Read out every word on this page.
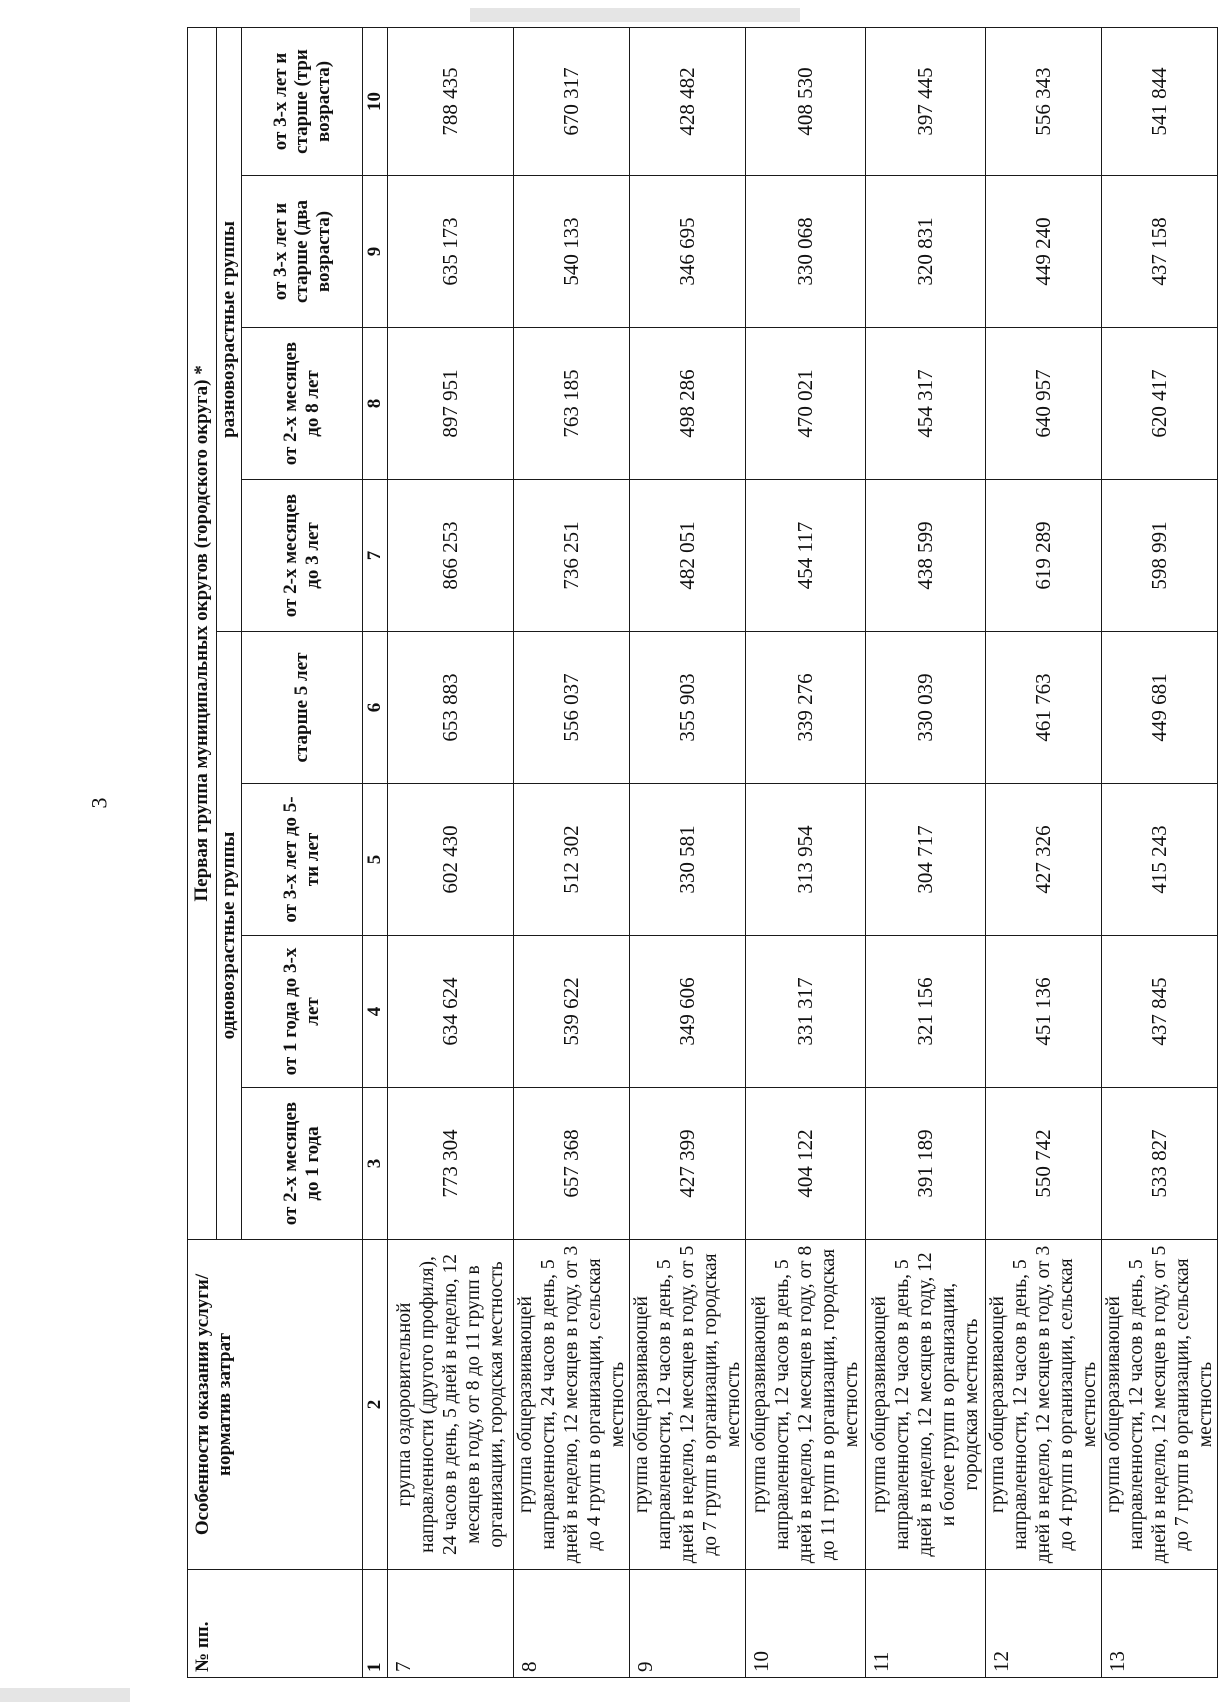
3
№ пп.	Особенности оказания услуги/норматив затрат	Первая группа муниципальных округов (городского округа) *							
		одновозрастные группы				разновозрастные группы			
		от 2-х месяцев до 1 года	от 1 года до 3-х лет	от 3-х лет до 5-ти лет	старше 5 лет	от 2-х месяцев до 3 лет	от 2-х месяцев до 8 лет	от 3-х лет и старше (два возраста)	от 3-х лет и старше (три возраста)
1	2	3	4	5	6	7	8	9	10
7	группа оздоровительной направленности (другого профиля), 24 часов в день, 5 дней в неделю, 12 месяцев в году, от 8 до 11 групп в организации, городская местность	773 304	634 624	602 430	653 883	866 253	897 951	635 173	788 435
8	группа общеразвивающей направленности, 24 часов в день, 5 дней в неделю, 12 месяцев в году, от 3 до 4 групп в организации, сельская местность	657 368	539 622	512 302	556 037	736 251	763 185	540 133	670 317
9	группа общеразвивающей направленности, 12 часов в день, 5 дней в неделю, 12 месяцев в году, от 5 до 7 групп в организации, городская местность	427 399	349 606	330 581	355 903	482 051	498 286	346 695	428 482
10	группа общеразвивающей направленности, 12 часов в день, 5 дней в неделю, 12 месяцев в году, от 8 до 11 групп в организации, городская местность	404 122	331 317	313 954	339 276	454 117	470 021	330 068	408 530
11	группа общеразвивающей направленности, 12 часов в день, 5 дней в неделю, 12 месяцев в году, 12 и более групп в организации, городская местность	391 189	321 156	304 717	330 039	438 599	454 317	320 831	397 445
12	группа общеразвивающей направленности, 12 часов в день, 5 дней в неделю, 12 месяцев в году, от 3 до 4 групп в организации, сельская местность	550 742	451 136	427 326	461 763	619 289	640 957	449 240	556 343
13	группа общеразвивающей направленности, 12 часов в день, 5 дней в неделю, 12 месяцев в году, от 5 до 7 групп в организации, сельская местность	533 827	437 845	415 243	449 681	598 991	620 417	437 158	541 844
